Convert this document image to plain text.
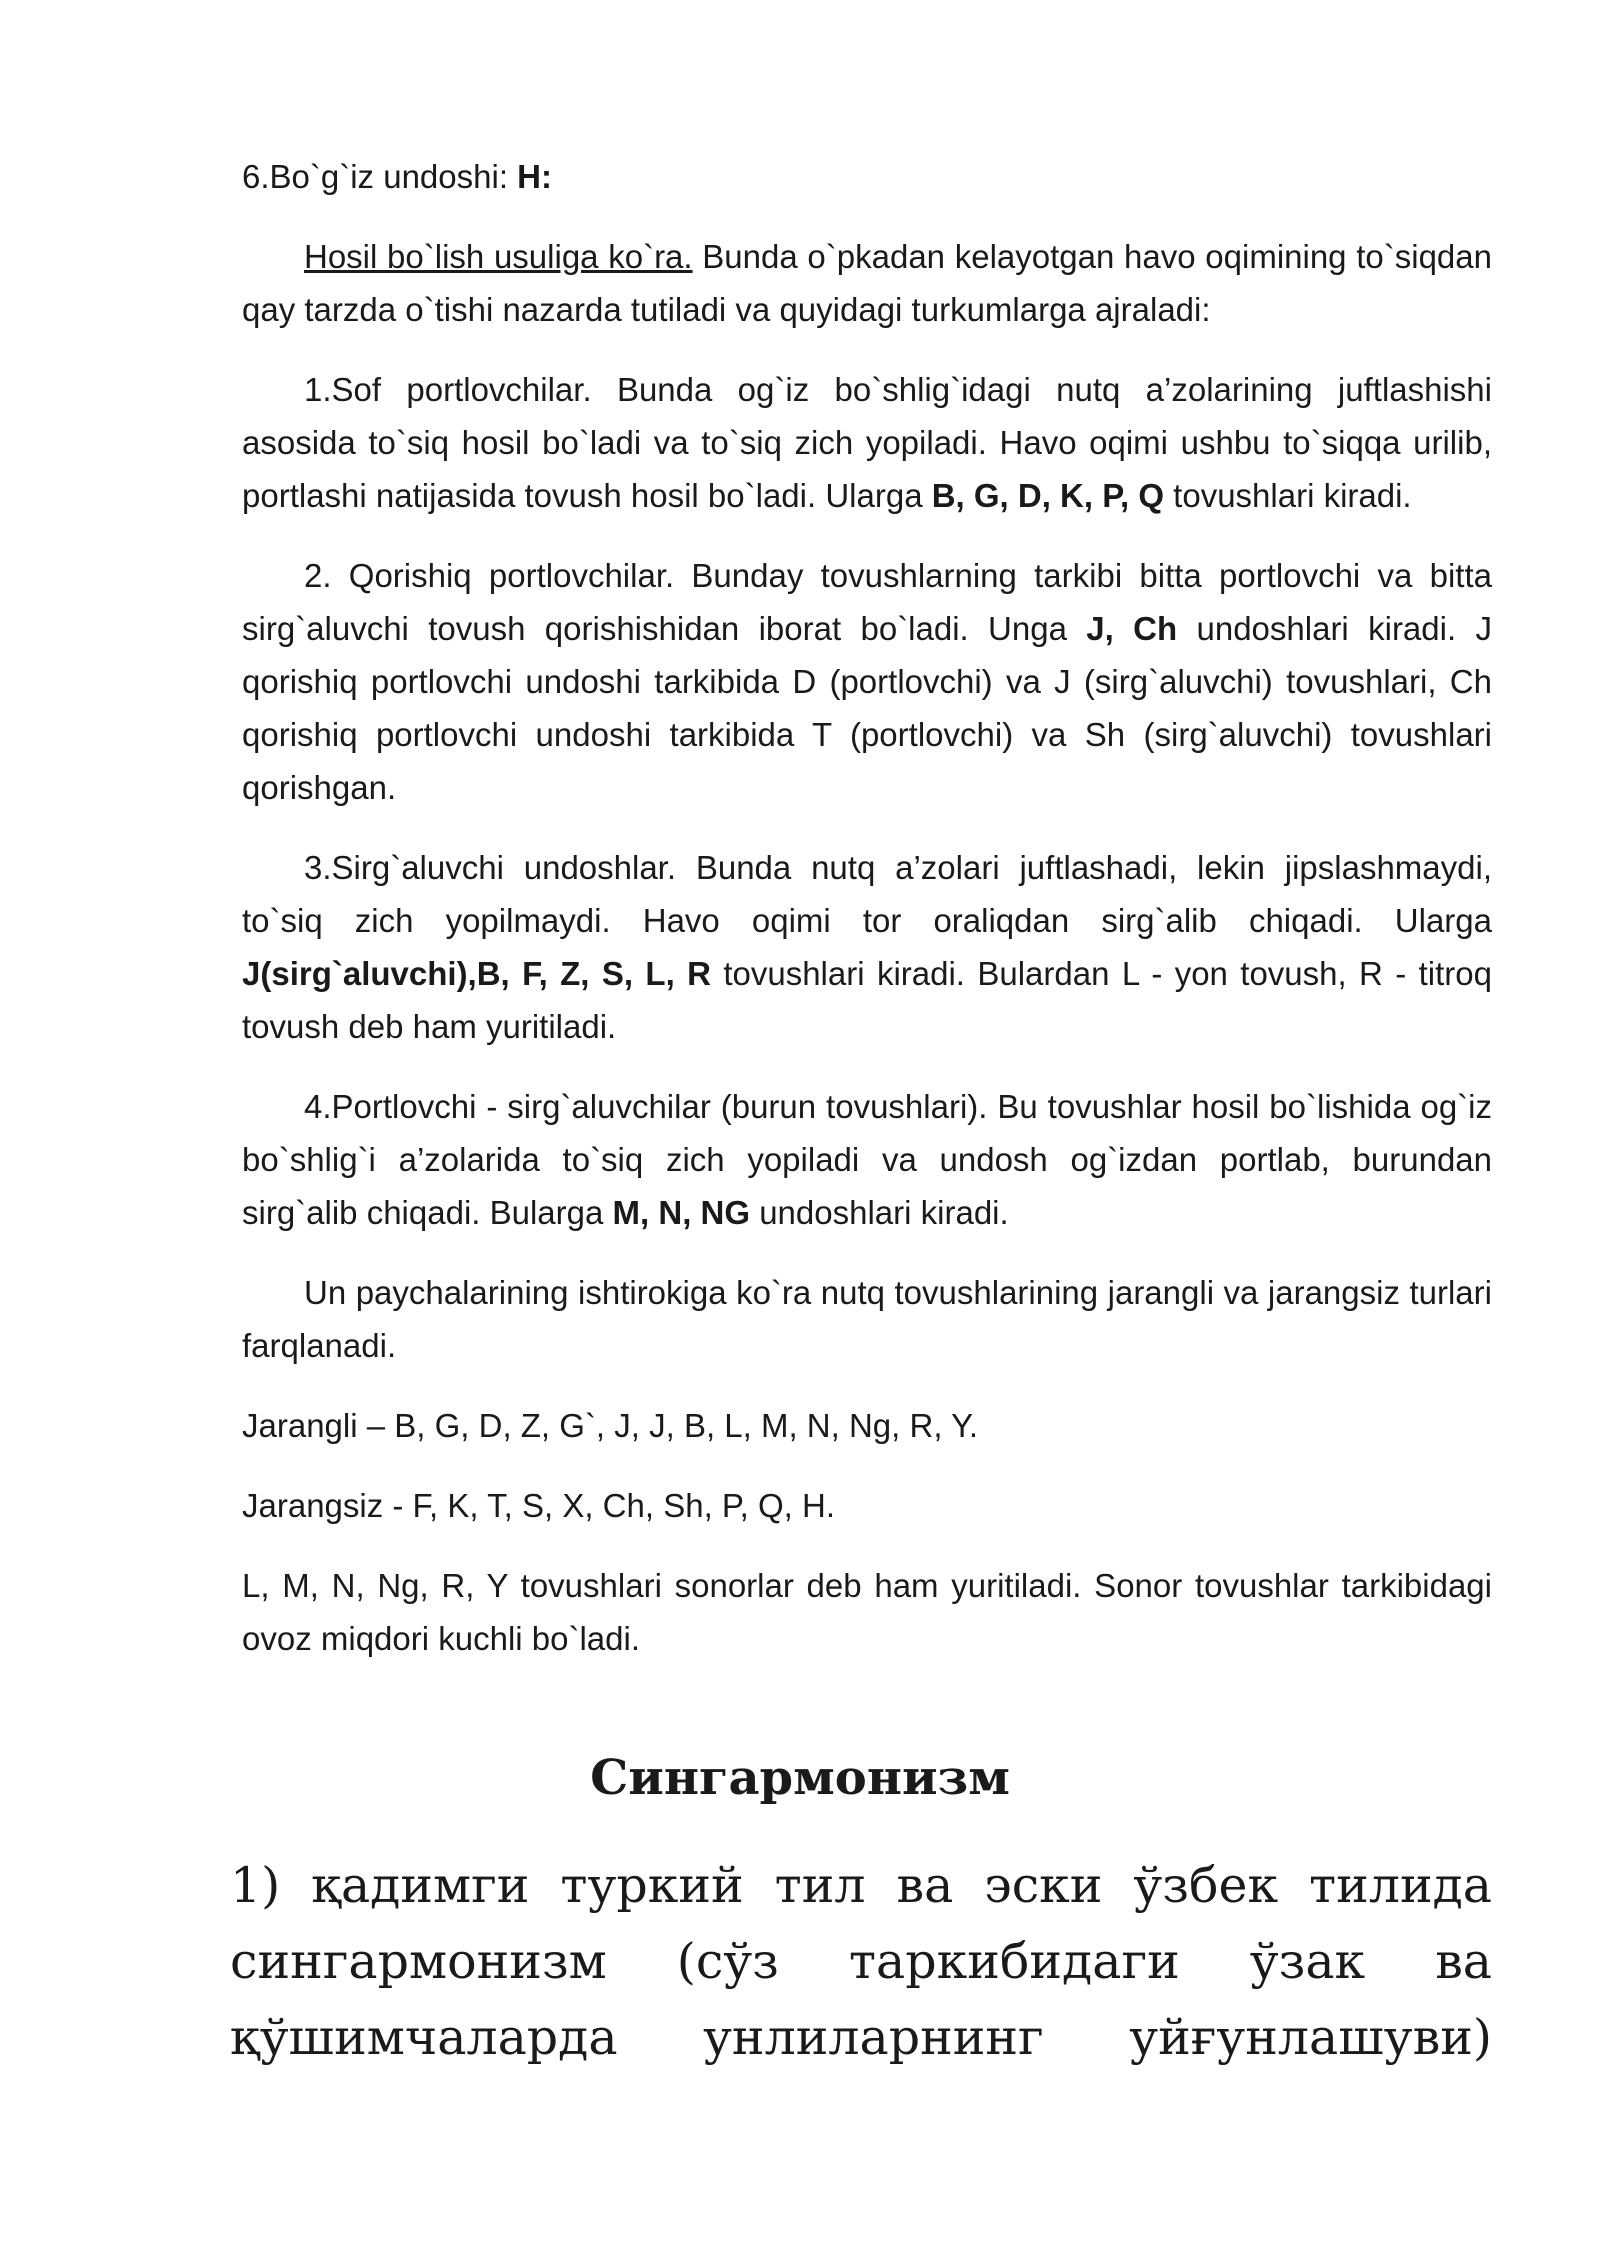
6.Bo`g`iz undoshi: H:

Hosil bo`lish usuliga ko`ra. Bunda o`pkadan kelayotgan havo oqimining to`siqdan qay tarzda o`tishi nazarda tutiladi va quyidagi turkumlarga ajraladi:

1.Sof portlovchilar. Bunda og`iz bo`shlig`idagi nutq a’zolarining juftlashishi asosida to`siq hosil bo`ladi va to`siq zich yopiladi. Havo oqimi ushbu to`siqqa urilib, portlashi natijasida tovush hosil bo`ladi. Ularga B, G, D, K, P, Q tovushlari kiradi.

2. Qorishiq portlovchilar. Bunday tovushlarning tarkibi bitta portlovchi va bitta sirg`aluvchi tovush qorishishidan iborat bo`ladi. Unga J, Ch undoshlari kiradi. J qorishiq portlovchi undoshi tarkibida D (portlovchi) va J (sirg`aluvchi) tovushlari, Ch qorishiq portlovchi undoshi tarkibida T (portlovchi) va Sh (sirg`aluvchi) tovushlari qorishgan.

3.Sirg`aluvchi undoshlar. Bunda nutq a’zolari juftlashadi, lekin jipslashmaydi, to`siq zich yopilmaydi. Havo oqimi tor oraliqdan sirg`alib chiqadi. Ularga J(sirg`aluvchi),B, F, Z, S, L, R tovushlari kiradi. Bulardan L - yon tovush, R - titroq tovush deb ham yuritiladi.

4.Portlovchi - sirg`aluvchilar (burun tovushlari). Bu tovushlar hosil bo`lishida og`iz bo`shlig`i a’zolarida to`siq zich yopiladi va undosh og`izdan portlab, burundan sirg`alib chiqadi. Bularga M, N, NG undoshlari kiradi.

Un paychalarining ishtirokiga ko`ra nutq tovushlarining jarangli va jarangsiz turlari farqlanadi.

Jarangli – B, G, D, Z, G`, J, J, B, L, M, N, Ng, R, Y.

Jarangsiz - F, K, T, S, X, Ch, Sh, P, Q, H.

L, M, N, Ng, R, Y tovushlari sonorlar deb ham yuritiladi. Sonor tovushlar tarkibidagi ovoz miqdori kuchli bo`ladi.

Сингармонизм
1) қадимги туркий тил ва эски ўзбек тилида сингармонизм (сўз таркибидаги ўзак ва қўшимчаларда унлиларнинг уйғунлашуви)
